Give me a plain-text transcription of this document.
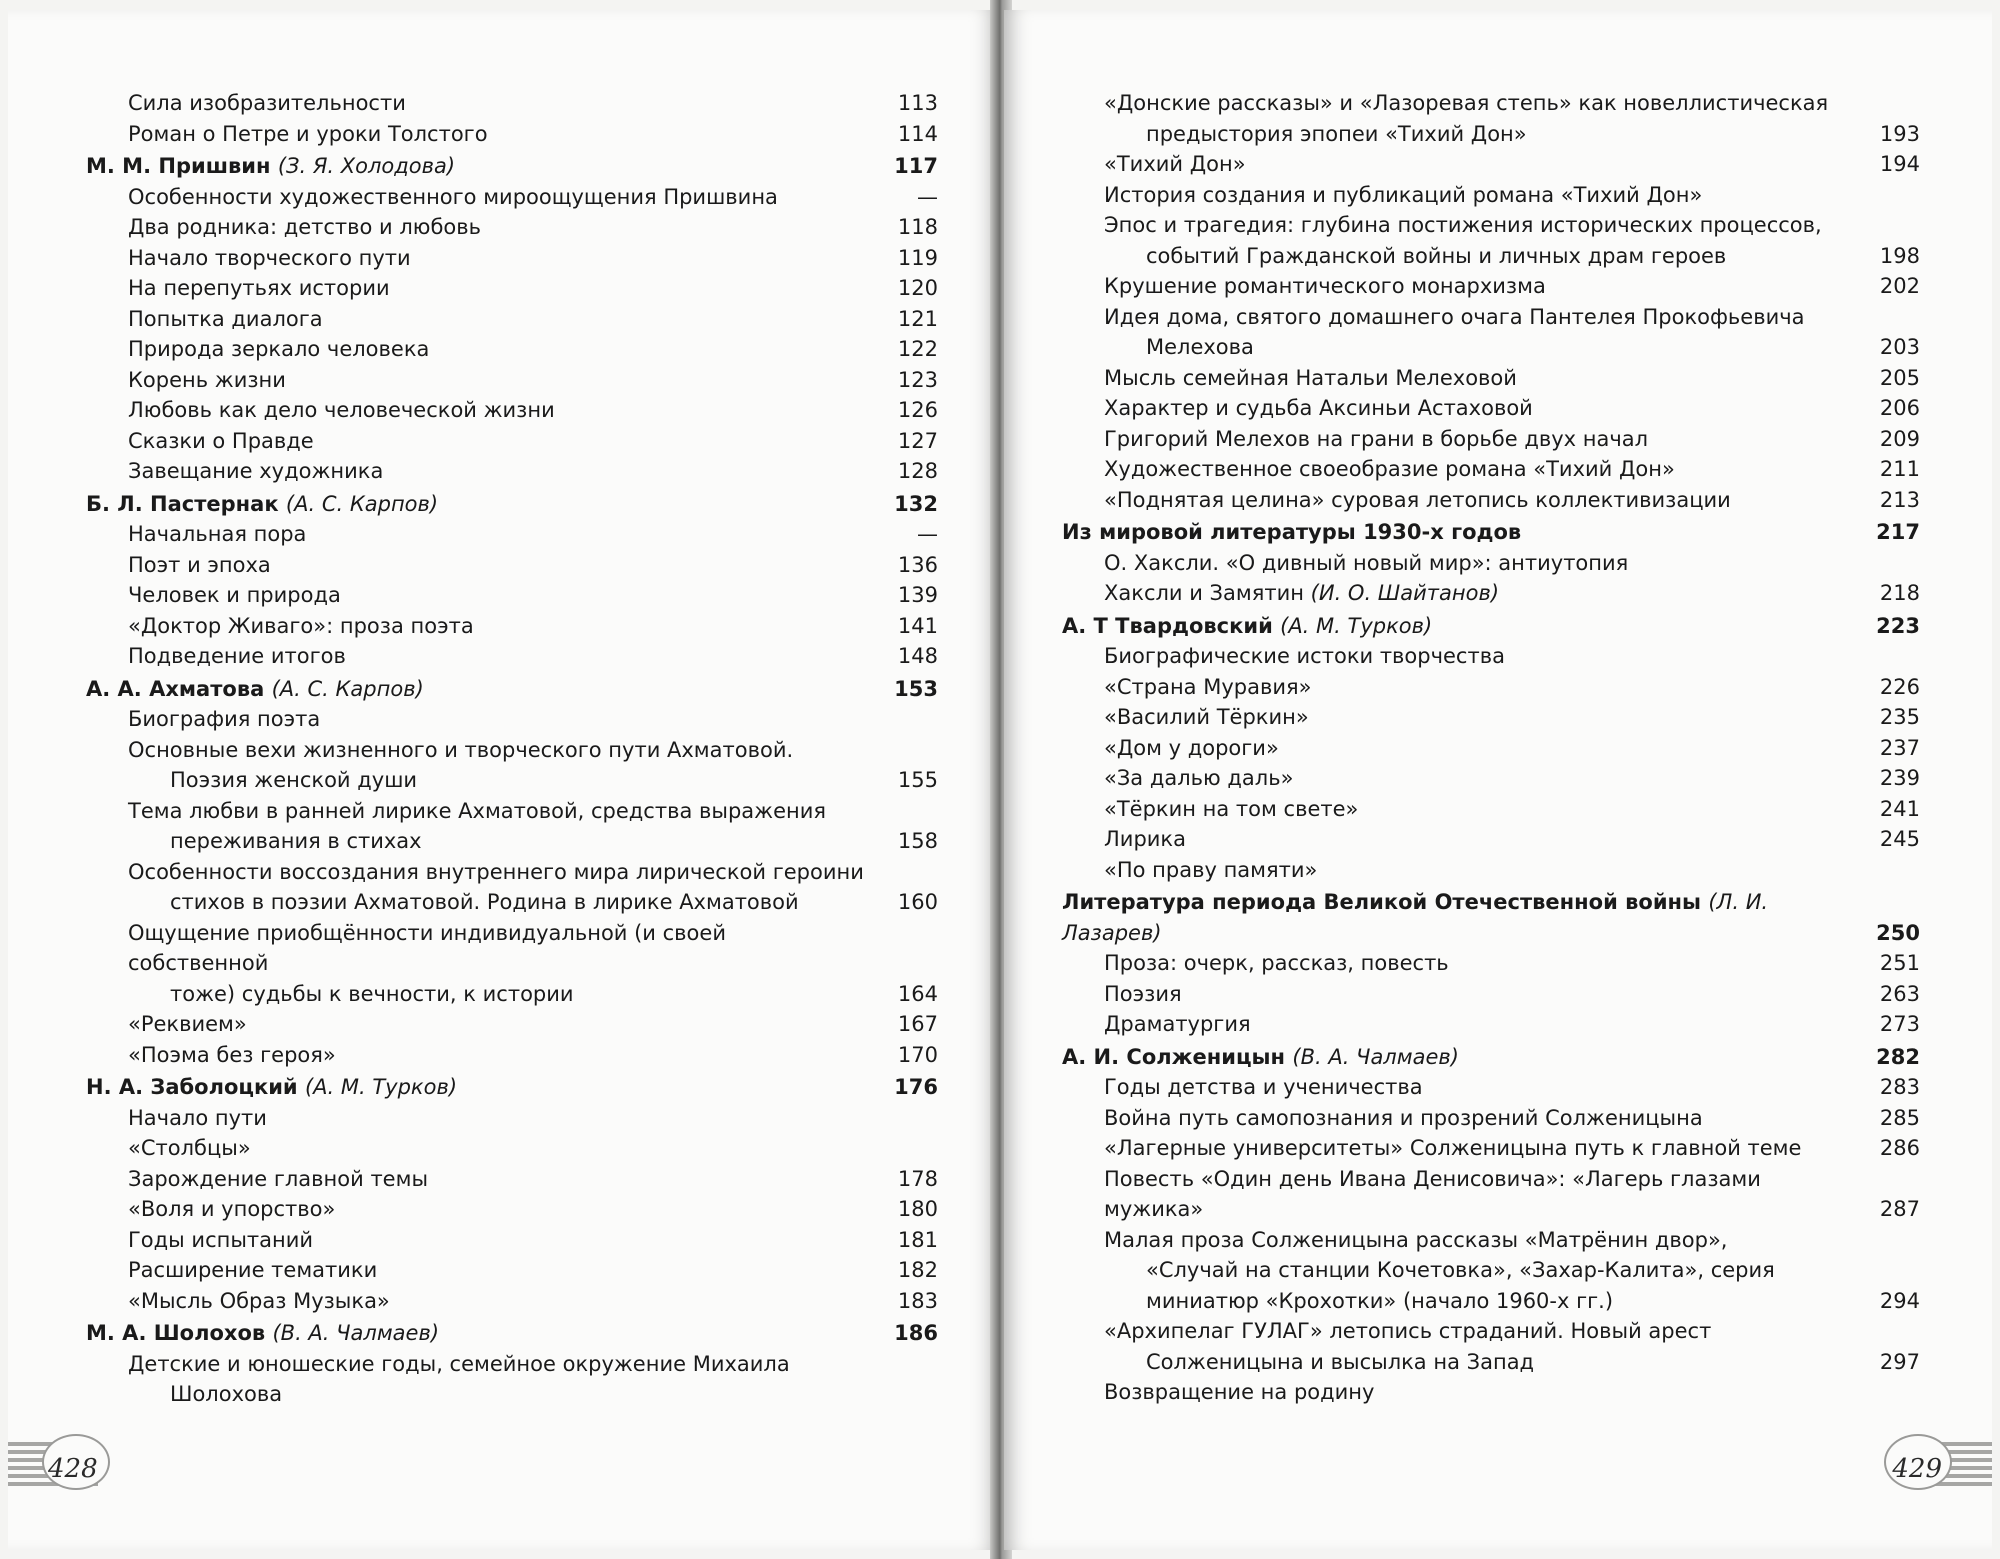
Сила изобразительности	113
Роман о Петре и уроки Толстого	114
М. М. Пришвин (З. Я. Холодова)	117
Особенности художественного мироощущения Пришвина	—
Два родника: детство и любовь	118
Начало творческого пути	119
На перепутьях истории	120
Попытка диалога	121
Природа зеркало человека	122
Корень жизни	123
Любовь как дело человеческой жизни	126
Сказки о Правде	127
Завещание художника	128
Б. Л. Пастернак (А. С. Карпов)	132
Начальная пора	—
Поэт и эпоха	136
Человек и природа	139
«Доктор Живаго»: проза поэта	141
Подведение итогов	148
А. А. Ахматова (А. С. Карпов)	153
Биография поэта
Основные вехи жизненного и творческого пути Ахматовой.
Поэзия женской души	155
Тема любви в ранней лирике Ахматовой, средства выражения
переживания в стихах	158
Особенности воссоздания внутреннего мира лирической героини
стихов в поэзии Ахматовой. Родина в лирике Ахматовой	160
Ощущение приобщённости индивидуальной (и своей собственной
тоже) судьбы к вечности, к истории	164
«Реквием»	167
«Поэма без героя»	170
Н. А. Заболоцкий (А. М. Турков)	176
Начало пути
«Столбцы»
Зарождение главной темы	178
«Воля и упорство»	180
Годы испытаний	181
Расширение тематики	182
«Мысль Образ Музыка»	183
М. А. Шолохов (В. А. Чалмаев)	186
Детские и юношеские годы, семейное окружение Михаила
Шолохова
428
«Донские рассказы» и «Лазоревая степь» как новеллистическая
предыстория эпопеи «Тихий Дон»	193
«Тихий Дон»	194
История создания и публикаций романа «Тихий Дон»
Эпос и трагедия: глубина постижения исторических процессов,
событий Гражданской войны и личных драм героев	198
Крушение романтического монархизма	202
Идея дома, святого домашнего очага Пантелея Прокофьевича
Мелехова	203
Мысль семейная Натальи Мелеховой	205
Характер и судьба Аксиньи Астаховой	206
Григорий Мелехов на грани в борьбе двух начал	209
Художественное своеобразие романа «Тихий Дон»	211
«Поднятая целина» суровая летопись коллективизации	213
Из мировой литературы 1930-х годов	217
О. Хаксли. «О дивный новый мир»: антиутопия
Хаксли и Замятин (И. О. Шайтанов)	218
А. Т Твардовский (А. М. Турков)	223
Биографические истоки творчества
«Страна Муравия»	226
«Василий Тёркин»	235
«Дом у дороги»	237
«За далью даль»	239
«Тёркин на том свете»	241
Лирика	245
«По праву памяти»
Литература периода Великой Отечественной войны (Л. И. Лазарев)	250
Проза: очерк, рассказ, повесть	251
Поэзия	263
Драматургия	273
А. И. Солженицын (В. А. Чалмаев)	282
Годы детства и ученичества	283
Война путь самопознания и прозрений Солженицына	285
«Лагерные университеты» Солженицына путь к главной теме	286
Повесть «Один день Ивана Денисовича»: «Лагерь глазами мужика»	287
Малая проза Солженицына рассказы «Матрёнин двор»,
«Случай на станции Кочетовка», «Захар-Калита», серия миниатюр «Крохотки» (начало 1960-х гг.)	294
«Архипелаг ГУЛАГ» летопись страданий. Новый арест
Солженицына и высылка на Запад	297
Возвращение на родину
429
